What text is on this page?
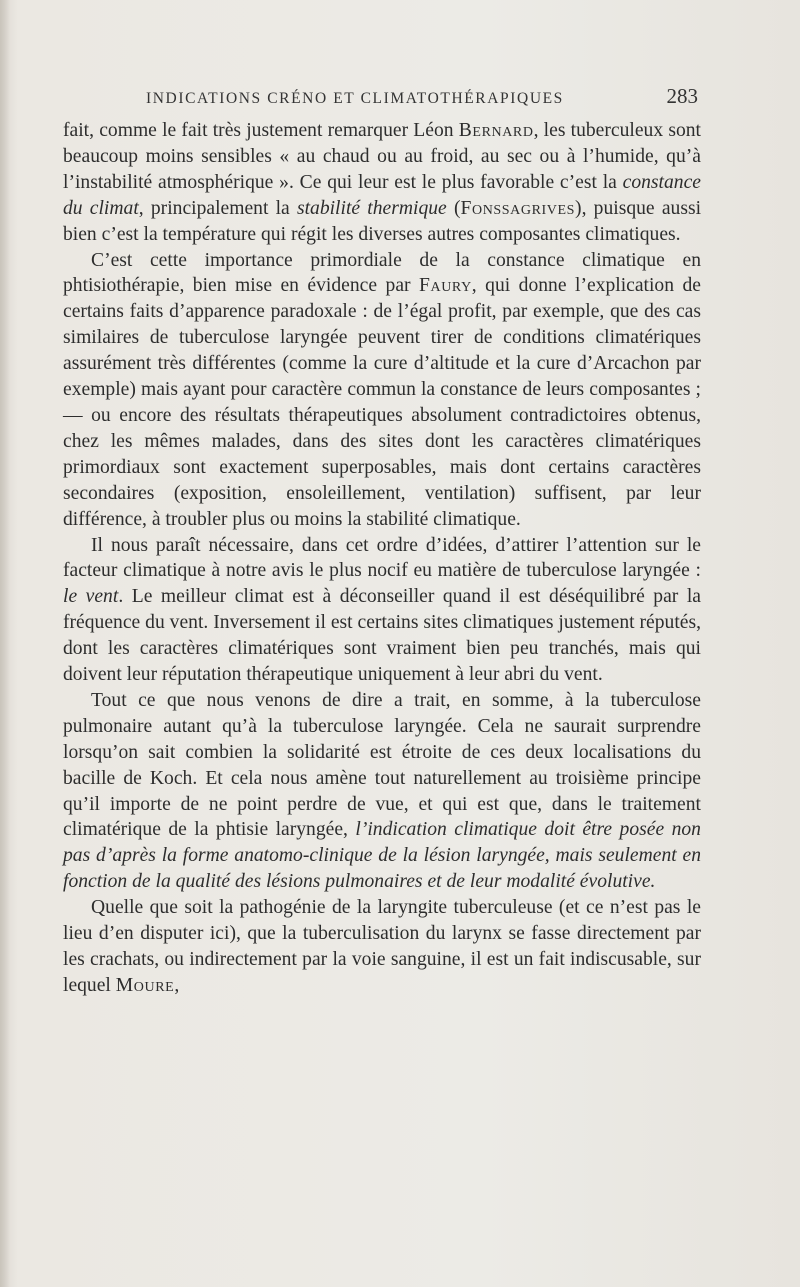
INDICATIONS CRÉNO ET CLIMATOTHÉRAPIQUES	283

fait, comme le fait très justement remarquer Léon Bernard, les tuberculeux sont beaucoup moins sensibles « au chaud ou au froid, au sec ou à l’humide, qu’à l’instabilité atmosphérique ». Ce qui leur est le plus favorable c’est la constance du climat, principalement la stabilité thermique (Fonssagrives), puisque aussi bien c’est la température qui régit les diverses autres composantes climatiques.

C’est cette importance primordiale de la constance climatique en phtisiothérapie, bien mise en évidence par Faury, qui donne l’explication de certains faits d’apparence paradoxale : de l’égal profit, par exemple, que des cas similaires de tuberculose laryngée peuvent tirer de conditions climatériques assurément très différentes (comme la cure d’altitude et la cure d’Arcachon par exemple) mais ayant pour caractère commun la constance de leurs composantes ; — ou encore des résultats thérapeutiques absolument contradictoires obtenus, chez les mêmes malades, dans des sites dont les caractères climatériques primordiaux sont exactement superposables, mais dont certains caractères secondaires (exposition, ensoleillement, ventilation) suffisent, par leur différence, à troubler plus ou moins la stabilité climatique.

Il nous paraît nécessaire, dans cet ordre d’idées, d’attirer l’attention sur le facteur climatique à notre avis le plus nocif eu matière de tuberculose laryngée : le vent. Le meilleur climat est à déconseiller quand il est déséquilibré par la fréquence du vent. Inversement il est certains sites climatiques justement réputés, dont les caractères climatériques sont vraiment bien peu tranchés, mais qui doivent leur réputation thérapeutique uniquement à leur abri du vent.

Tout ce que nous venons de dire a trait, en somme, à la tuberculose pulmonaire autant qu’à la tuberculose laryngée. Cela ne saurait surprendre lorsqu’on sait combien la solidarité est étroite de ces deux localisations du bacille de Koch. Et cela nous amène tout naturellement au troisième principe qu’il importe de ne point perdre de vue, et qui est que, dans le traitement climatérique de la phtisie laryngée, l’indication climatique doit être posée non pas d’après la forme anatomo-clinique de la lésion laryngée, mais seulement en fonction de la qualité des lésions pulmonaires et de leur modalité évolutive.

Quelle que soit la pathogénie de la laryngite tuberculeuse (et ce n’est pas le lieu d’en disputer ici), que la tuberculisation du larynx se fasse directement par les crachats, ou indirectement par la voie sanguine, il est un fait indiscusable, sur lequel Moure,
